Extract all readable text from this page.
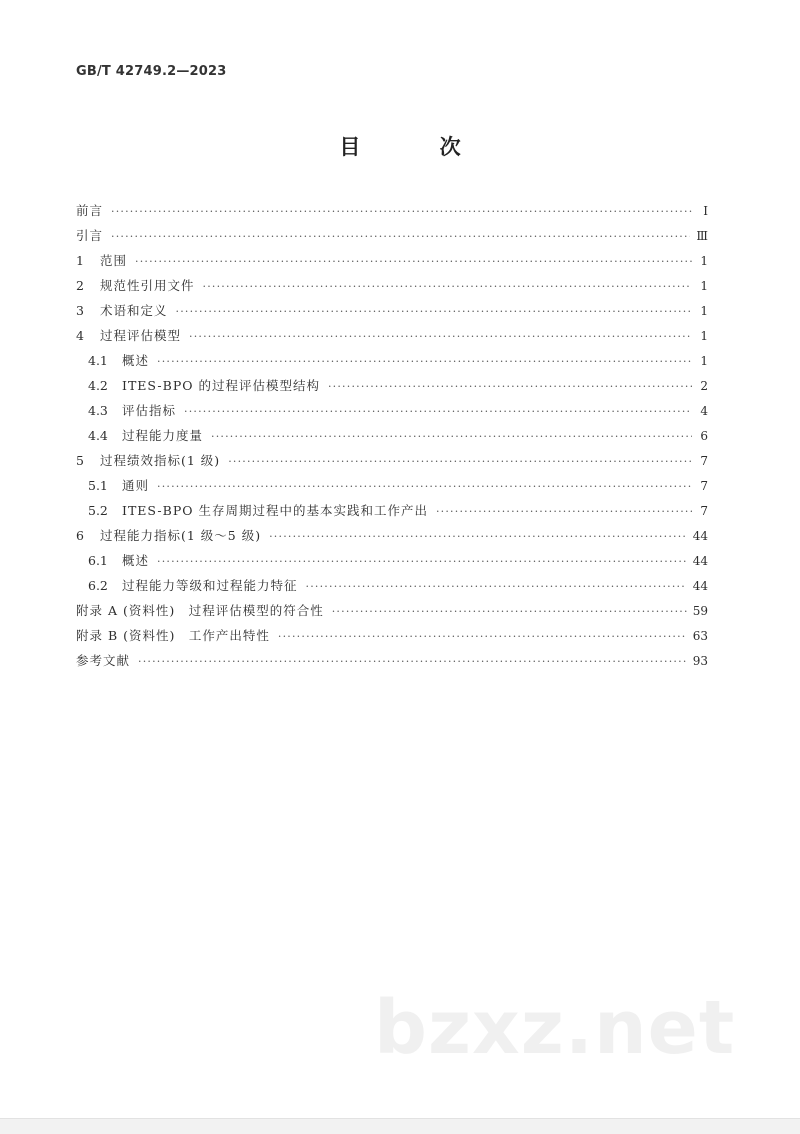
GB/T 42749.2—2023
目 次
前言 ·····	Ⅰ
引言 ·····	Ⅲ
1	范围 ·····	1
2	规范性引用文件 ·····	1
3	术语和定义 ·····	1
4	过程评估模型 ·····	1
4.1	概述 ·····	1
4.2	ITES-BPO 的过程评估模型结构 ·····	2
4.3	评估指标 ·····	4
4.4	过程能力度量 ·····	6
5	过程绩效指标(1 级) ·····	7
5.1	通则 ·····	7
5.2	ITES-BPO 生存周期过程中的基本实践和工作产出 ·····	7
6	过程能力指标(1 级～5 级) ·····	44
6.1	概述 ·····	44
6.2	过程能力等级和过程能力特征 ·····	44
附录 A (资料性)　过程评估模型的符合性 ·····	59
附录 B (资料性)　工作产出特性 ·····	63
参考文献 ·····	93
bzxz.net
